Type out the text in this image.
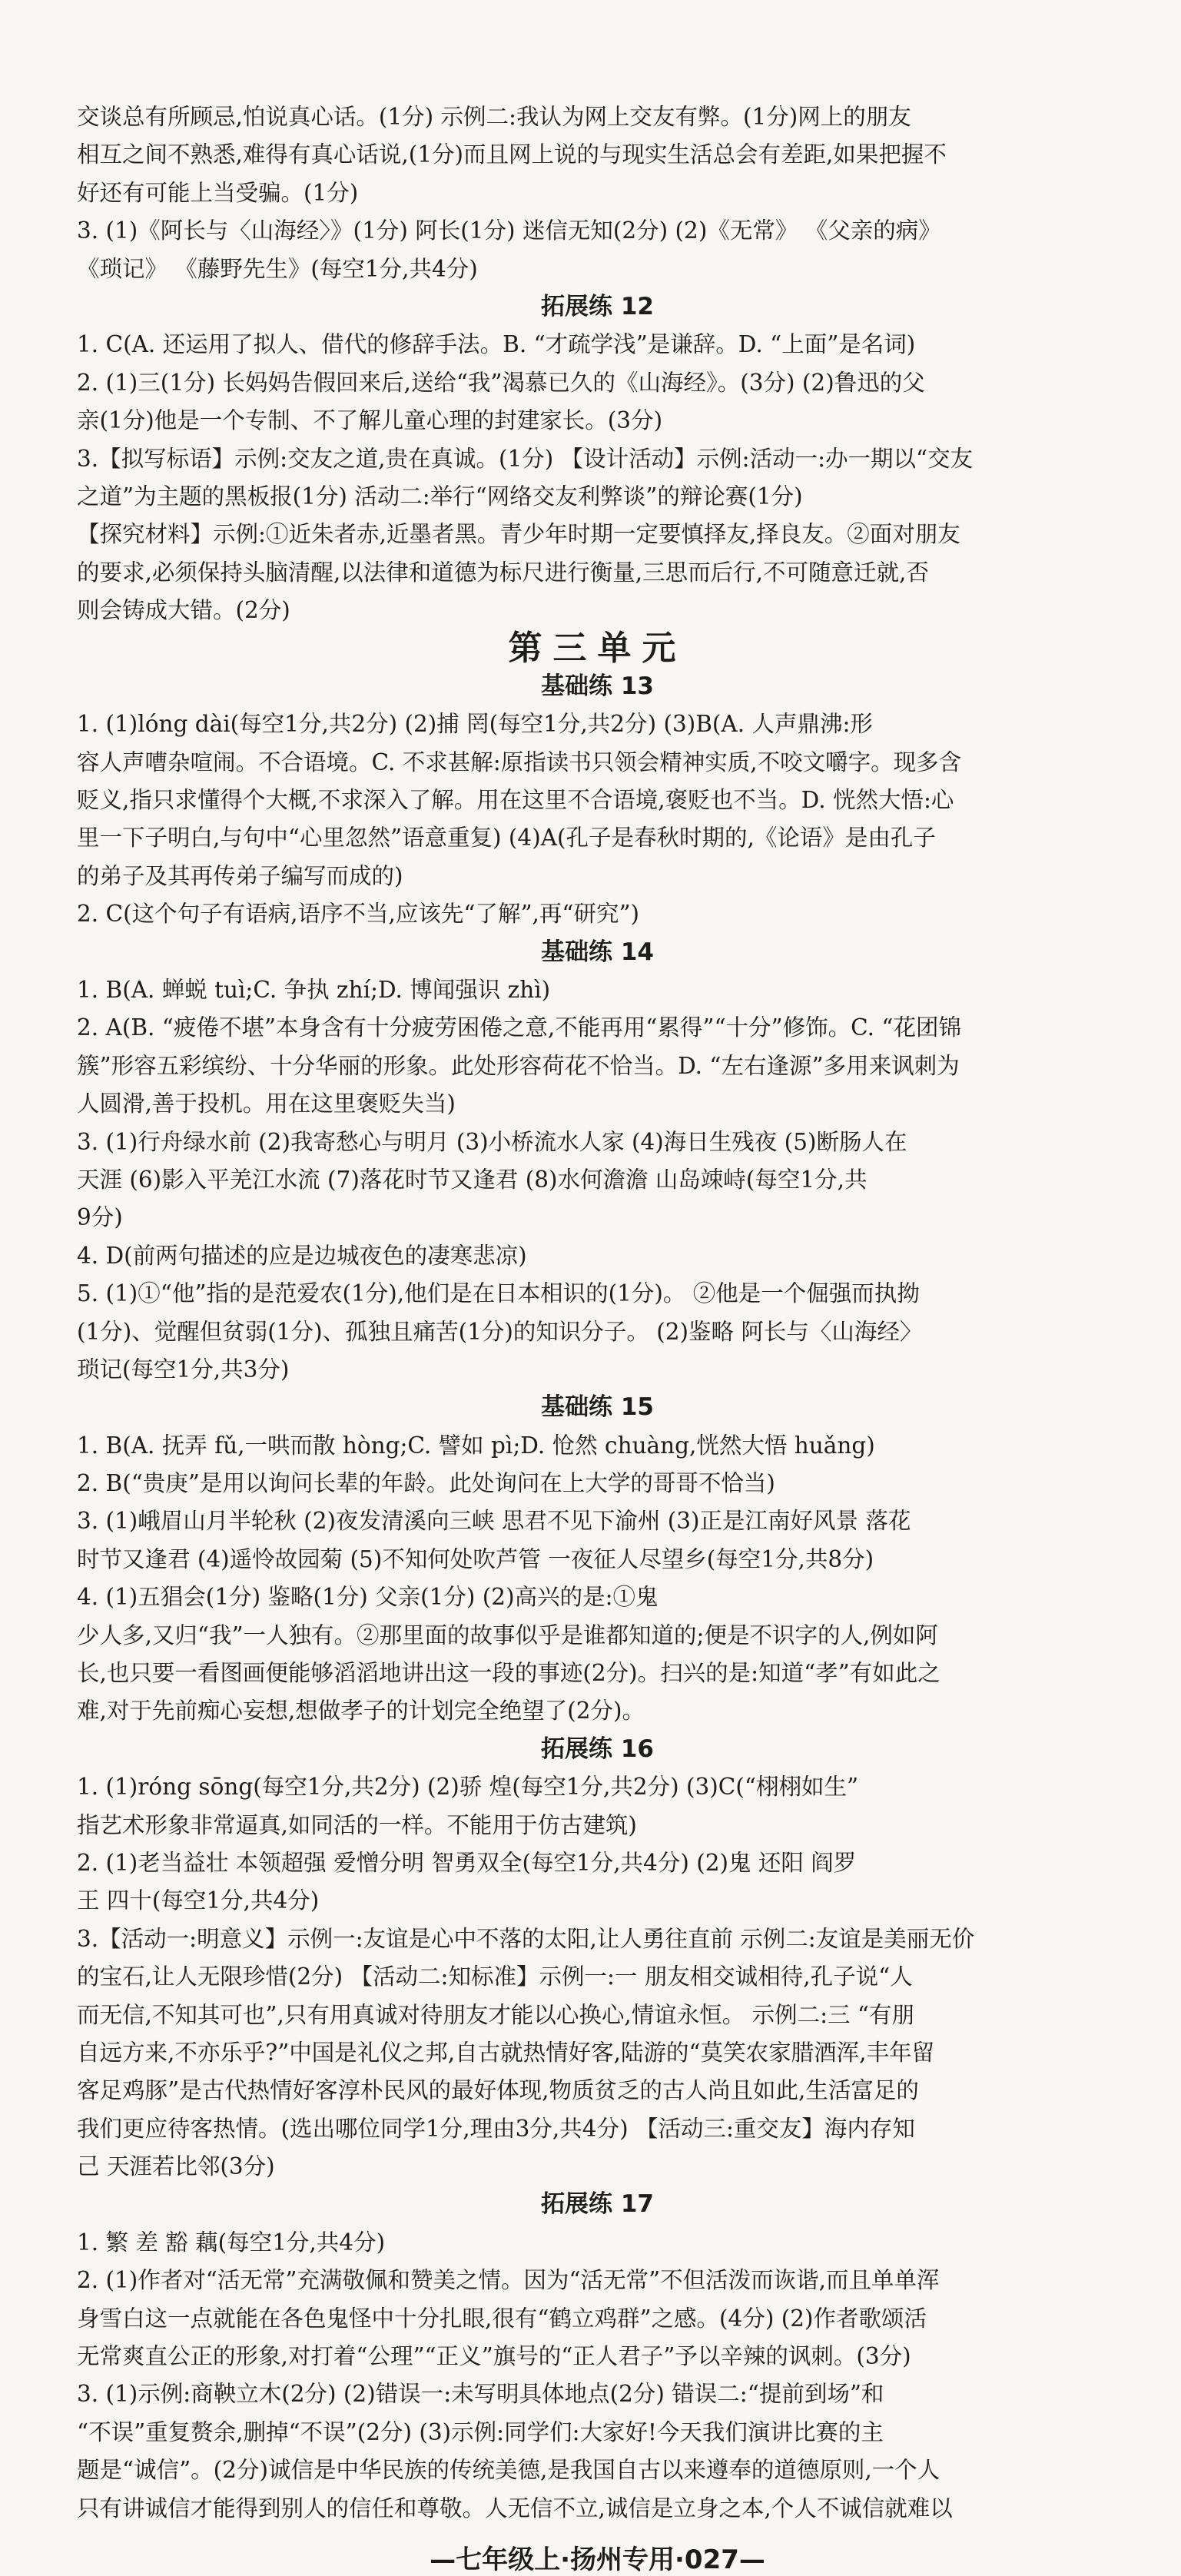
交谈总有所顾忌,怕说真心话。(1分) 示例二:我认为网上交友有弊。(1分)网上的朋友
相互之间不熟悉,难得有真心话说,(1分)而且网上说的与现实生活总会有差距,如果把握不
好还有可能上当受骗。(1分)
3. (1)《阿长与〈山海经〉》(1分) 阿长(1分) 迷信无知(2分) (2)《无常》 《父亲的病》
《琐记》 《藤野先生》(每空1分,共4分)
拓展练 12
1. C(A. 还运用了拟人、借代的修辞手法。B. “才疏学浅”是谦辞。D. “上面”是名词)
2. (1)三(1分) 长妈妈告假回来后,送给“我”渴慕已久的《山海经》。(3分) (2)鲁迅的父
亲(1分)他是一个专制、不了解儿童心理的封建家长。(3分)
3.【拟写标语】示例:交友之道,贵在真诚。(1分) 【设计活动】示例:活动一:办一期以“交友
之道”为主题的黑板报(1分) 活动二:举行“网络交友利弊谈”的辩论赛(1分)
【探究材料】示例:①近朱者赤,近墨者黑。青少年时期一定要慎择友,择良友。②面对朋友
的要求,必须保持头脑清醒,以法律和道德为标尺进行衡量,三思而后行,不可随意迁就,否
则会铸成大错。(2分)
第三单元
基础练 13
1. (1)lóng dài(每空1分,共2分) (2)捕 罔(每空1分,共2分) (3)B(A. 人声鼎沸:形
容人声嘈杂喧闹。不合语境。C. 不求甚解:原指读书只领会精神实质,不咬文嚼字。现多含
贬义,指只求懂得个大概,不求深入了解。用在这里不合语境,褒贬也不当。D. 恍然大悟:心
里一下子明白,与句中“心里忽然”语意重复) (4)A(孔子是春秋时期的,《论语》是由孔子
的弟子及其再传弟子编写而成的)
2. C(这个句子有语病,语序不当,应该先“了解”,再“研究”)
基础练 14
1. B(A. 蝉蜕 tuì;C. 争执 zhí;D. 博闻强识 zhì)
2. A(B. “疲倦不堪”本身含有十分疲劳困倦之意,不能再用“累得”“十分”修饰。C. “花团锦
簇”形容五彩缤纷、十分华丽的形象。此处形容荷花不恰当。D. “左右逢源”多用来讽刺为
人圆滑,善于投机。用在这里褒贬失当)
3. (1)行舟绿水前 (2)我寄愁心与明月 (3)小桥流水人家 (4)海日生残夜 (5)断肠人在
天涯 (6)影入平羌江水流 (7)落花时节又逢君 (8)水何澹澹 山岛竦峙(每空1分,共
9分)
4. D(前两句描述的应是边城夜色的凄寒悲凉)
5. (1)①“他”指的是范爱农(1分),他们是在日本相识的(1分)。 ②他是一个倔强而执拗
(1分)、觉醒但贫弱(1分)、孤独且痛苦(1分)的知识分子。 (2)鉴略 阿长与〈山海经〉
琐记(每空1分,共3分)
基础练 15
1. B(A. 抚弄 fǔ,一哄而散 hòng;C. 譬如 pì;D. 怆然 chuàng,恍然大悟 huǎng)
2. B(“贵庚”是用以询问长辈的年龄。此处询问在上大学的哥哥不恰当)
3. (1)峨眉山月半轮秋 (2)夜发清溪向三峡 思君不见下渝州 (3)正是江南好风景 落花
时节又逢君 (4)遥怜故园菊 (5)不知何处吹芦管 一夜征人尽望乡(每空1分,共8分)
4. (1)五猖会(1分) 鉴略(1分) 父亲(1分) (2)高兴的是:①鬼
少人多,又归“我”一人独有。②那里面的故事似乎是谁都知道的;便是不识字的人,例如阿
长,也只要一看图画便能够滔滔地讲出这一段的事迹(2分)。扫兴的是:知道“孝”有如此之
难,对于先前痴心妄想,想做孝子的计划完全绝望了(2分)。
拓展练 16
1. (1)róng sōng(每空1分,共2分) (2)骄 煌(每空1分,共2分) (3)C(“栩栩如生”
指艺术形象非常逼真,如同活的一样。不能用于仿古建筑)
2. (1)老当益壮 本领超强 爱憎分明 智勇双全(每空1分,共4分) (2)鬼 还阳 阎罗
王 四十(每空1分,共4分)
3.【活动一:明意义】示例一:友谊是心中不落的太阳,让人勇往直前 示例二:友谊是美丽无价
的宝石,让人无限珍惜(2分) 【活动二:知标准】示例一:一 朋友相交诚相待,孔子说“人
而无信,不知其可也”,只有用真诚对待朋友才能以心换心,情谊永恒。 示例二:三 “有朋
自远方来,不亦乐乎?”中国是礼仪之邦,自古就热情好客,陆游的“莫笑农家腊酒浑,丰年留
客足鸡豚”是古代热情好客淳朴民风的最好体现,物质贫乏的古人尚且如此,生活富足的
我们更应待客热情。(选出哪位同学1分,理由3分,共4分) 【活动三:重交友】海内存知
己 天涯若比邻(3分)
拓展练 17
1. 繁 差 豁 藕(每空1分,共4分)
2. (1)作者对“活无常”充满敬佩和赞美之情。因为“活无常”不但活泼而诙谐,而且单单浑
身雪白这一点就能在各色鬼怪中十分扎眼,很有“鹤立鸡群”之感。(4分) (2)作者歌颂活
无常爽直公正的形象,对打着“公理”“正义”旗号的“正人君子”予以辛辣的讽刺。(3分)
3. (1)示例:商鞅立木(2分) (2)错误一:未写明具体地点(2分) 错误二:“提前到场”和
“不误”重复赘余,删掉“不误”(2分) (3)示例:同学们:大家好!今天我们演讲比赛的主
题是“诚信”。(2分)诚信是中华民族的传统美德,是我国自古以来遵奉的道德原则,一个人
只有讲诚信才能得到别人的信任和尊敬。人无信不立,诚信是立身之本,个人不诚信就难以
—七年级上·扬州专用·027—
